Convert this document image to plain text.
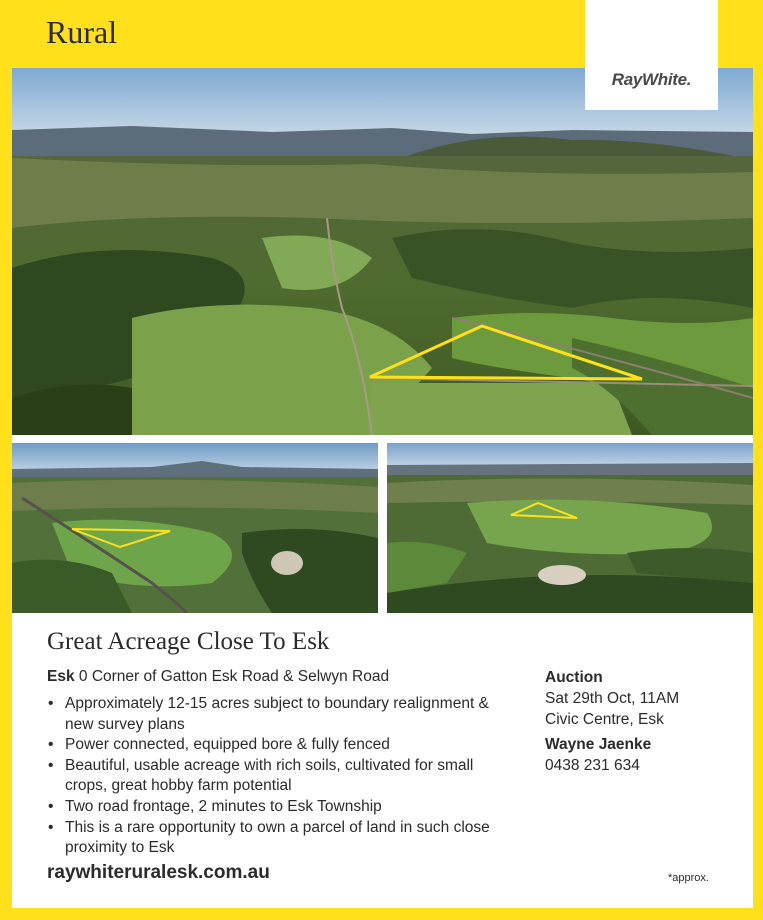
Rural
RayWhite.
Great Acreage Close To Esk
Esk 0 Corner of Gatton Esk Road & Selwyn Road
• Approximately 12-15 acres subject to boundary realignment & new survey plans
• Power connected, equipped bore & fully fenced
• Beautiful, usable acreage with rich soils, cultivated for small crops, great hobby farm potential
• Two road frontage, 2 minutes to Esk Township
• This is a rare opportunity to own a parcel of land in such close proximity to Esk
raywhiteruralesk.com.au
Auction
Sat 29th Oct, 11AM
Civic Centre, Esk
Wayne Jaenke
0438 231 634
*approx.
